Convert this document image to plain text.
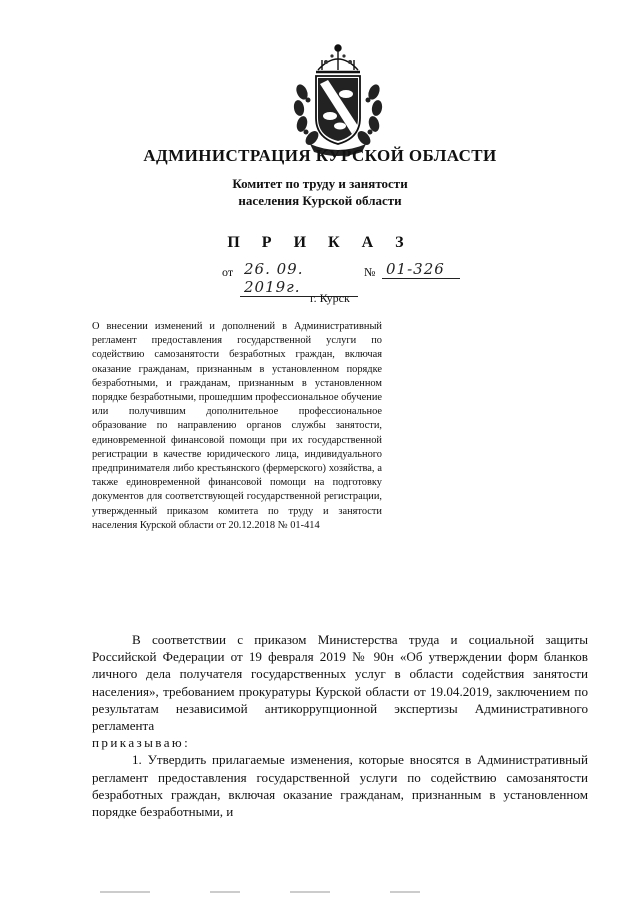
АДМИНИСТРАЦИЯ КУРСКОЙ ОБЛАСТИ
Комитет по труду и занятости
населения Курской области
П Р И К А З
от 26. 09. 2019г.
№ 01-326
г. Курск
О внесении изменений и дополнений в Административный регламент предоставления государственной услуги по содействию самозанятости безработных граждан, включая оказание гражданам, признанным в установленном порядке безработными, и гражданам, признанным в установленном порядке безработными, прошедшим профессиональное обучение или получившим дополнительное профессиональное образование по направлению органов службы занятости, единовременной финансовой помощи при их государственной регистрации в качестве юридического лица, индивидуального предпринимателя либо крестьянского (фермерского) хозяйства, а также единовременной финансовой помощи на подготовку документов для соответствующей государственной регистрации, утвержденный приказом комитета по труду и занятости населения Курской области от 20.12.2018 № 01-414

В соответствии с приказом Министерства труда и социальной защиты Российской Федерации от 19 февраля 2019 № 90н «Об утверждении форм бланков личного дела получателя государственных услуг в области содействия занятости населения», требованием прокуратуры Курской области от 19.04.2019, заключением по результатам независимой антикоррупционной экспертизы Административного регламента

приказываю:

1. Утвердить прилагаемые изменения, которые вносятся в Административный регламент предоставления государственной услуги по содействию самозанятости безработных граждан, включая оказание гражданам, признанным в установленном порядке безработными, и
